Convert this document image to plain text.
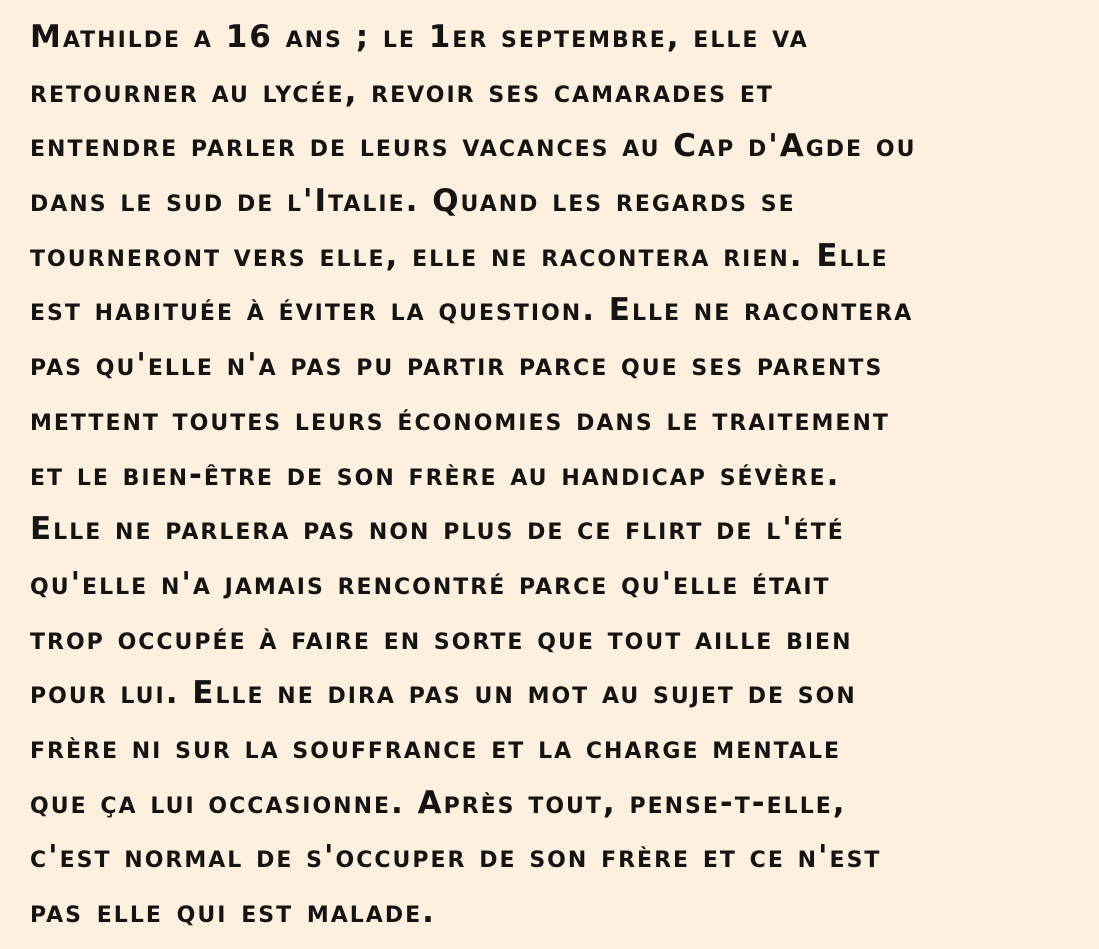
Mathilde a 16 ans ; le 1er septembre, elle va
retourner au lycée, revoir ses camarades et
entendre parler de leurs vacances au Cap d'Agde ou
dans le sud de l'Italie. Quand les regards se
tourneront vers elle, elle ne racontera rien. Elle
est habituée à éviter la question. Elle ne racontera
pas qu'elle n'a pas pu partir parce que ses parents
mettent toutes leurs économies dans le traitement
et le bien-être de son frère au handicap sévère.
Elle ne parlera pas non plus de ce flirt de l'été
qu'elle n'a jamais rencontré parce qu'elle était
trop occupée à faire en sorte que tout aille bien
pour lui. Elle ne dira pas un mot au sujet de son
frère ni sur la souffrance et la charge mentale
que ça lui occasionne. Après tout, pense-t-elle,
c'est normal de s'occuper de son frère et ce n'est
pas elle qui est malade.
